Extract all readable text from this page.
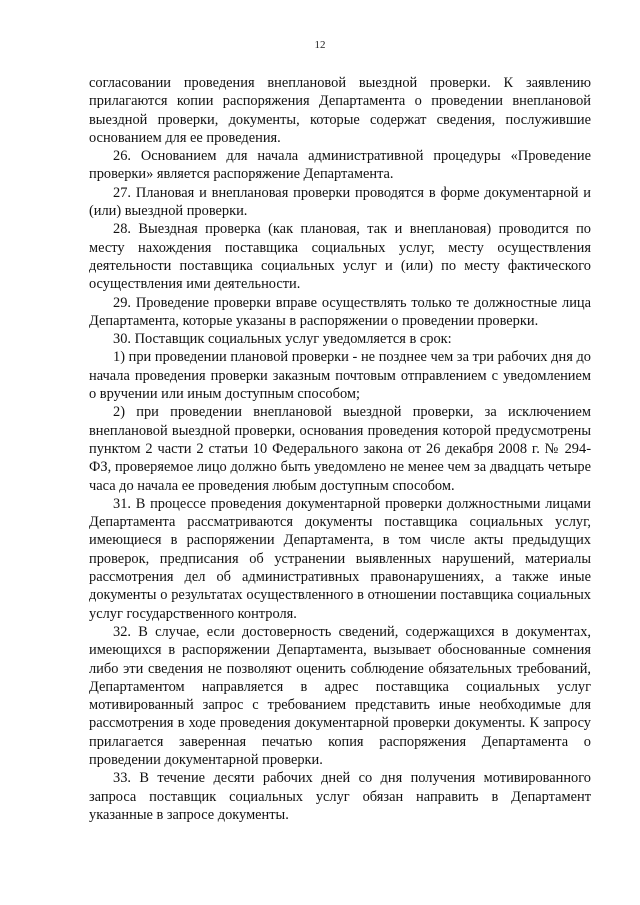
12

согласовании проведения внеплановой выездной проверки. К заявлению прилагаются копии распоряжения Департамента о проведении внеплановой выездной проверки, документы, которые содержат сведения, послужившие основанием для ее проведения.

26. Основанием для начала административной процедуры «Проведение проверки» является распоряжение Департамента.

27. Плановая и внеплановая проверки проводятся в форме документарной и (или) выездной проверки.

28. Выездная проверка (как плановая, так и внеплановая) проводится по месту нахождения поставщика социальных услуг, месту осуществления деятельности поставщика социальных услуг и (или) по месту фактического осуществления ими деятельности.

29. Проведение проверки вправе осуществлять только те должностные лица Департамента, которые указаны в распоряжении о проведении проверки.

30. Поставщик социальных услуг уведомляется в срок:

1) при проведении плановой проверки - не позднее чем за три рабочих дня до начала проведения проверки заказным почтовым отправлением с уведомлением о вручении или иным доступным способом;

2) при проведении внеплановой выездной проверки, за исключением внеплановой выездной проверки, основания проведения которой предусмотрены пунктом 2 части 2 статьи 10 Федерального закона от 26 декабря 2008 г. № 294-ФЗ, проверяемое лицо должно быть уведомлено не менее чем за двадцать четыре часа до начала ее проведения любым доступным способом.

31. В процессе проведения документарной проверки должностными лицами Департамента рассматриваются документы поставщика социальных услуг, имеющиеся в распоряжении Департамента, в том числе акты предыдущих проверок, предписания об устранении выявленных нарушений, материалы рассмотрения дел об административных правонарушениях, а также иные документы о результатах осуществленного в отношении поставщика социальных услуг государственного контроля.

32. В случае, если достоверность сведений, содержащихся в документах, имеющихся в распоряжении Департамента, вызывает обоснованные сомнения либо эти сведения не позволяют оценить соблюдение обязательных требований, Департаментом направляется в адрес поставщика социальных услуг мотивированный запрос с требованием представить иные необходимые для рассмотрения в ходе проведения документарной проверки документы. К запросу прилагается заверенная печатью копия распоряжения Департамента о проведении документарной проверки.

33. В течение десяти рабочих дней со дня получения мотивированного запроса поставщик социальных услуг обязан направить в Департамент указанные в запросе документы.
